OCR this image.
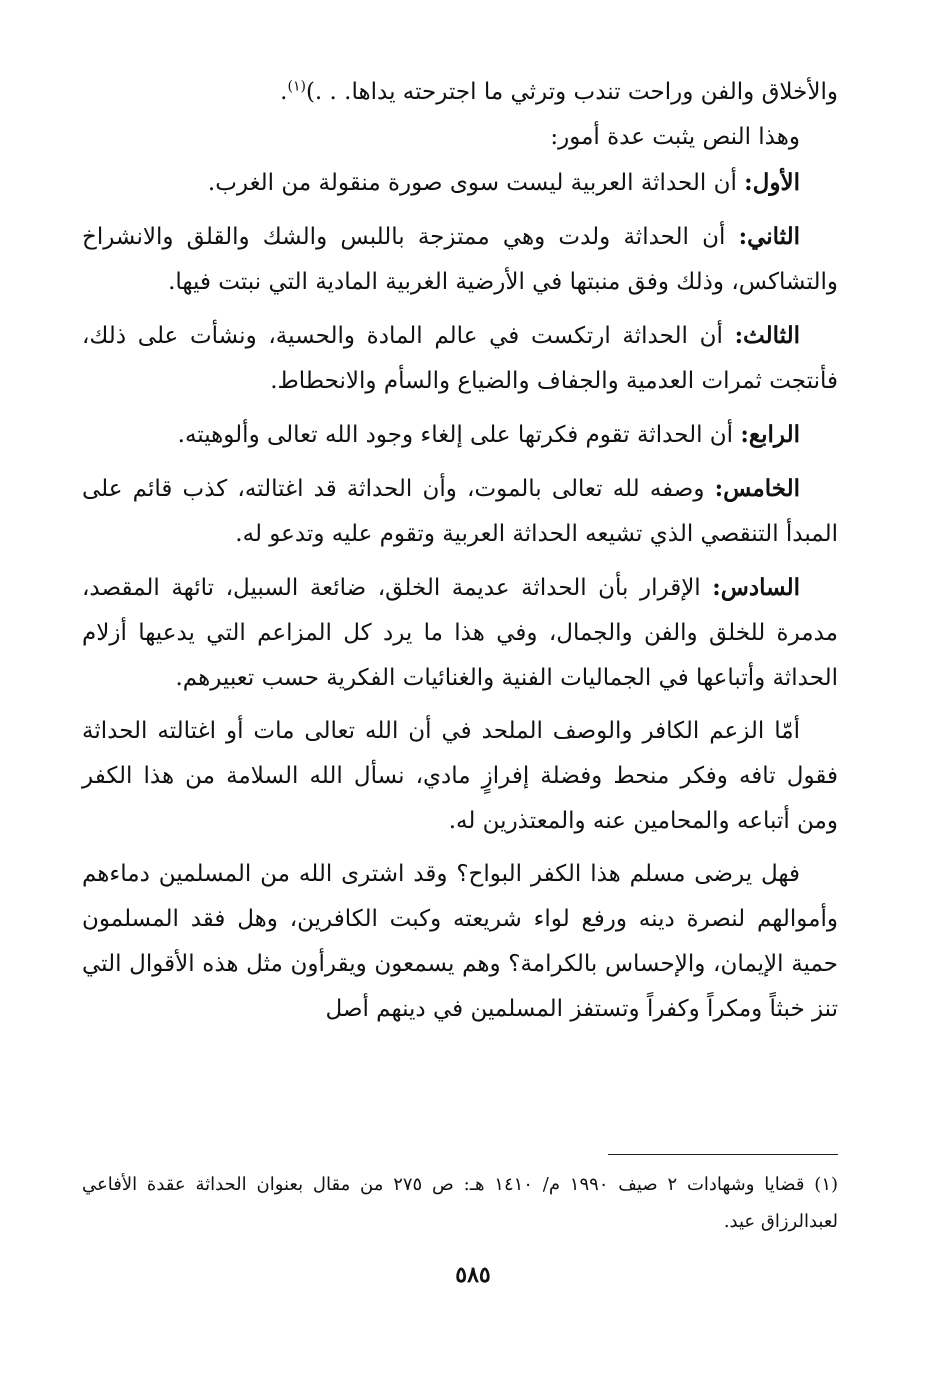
والأخلاق والفن وراحت تندب وترثي ما اجترحته يداها. . .)$^{(١)}$.

وهذا النص يثبت عدة أمور:

الأول: أن الحداثة العربية ليست سوى صورة منقولة من الغرب.

الثاني: أن الحداثة ولدت وهي ممتزجة باللبس والشك والقلق والانشراخ والتشاكس، وذلك وفق منبتها في الأرضية الغربية المادية التي نبتت فيها.

الثالث: أن الحداثة ارتكست في عالم المادة والحسية، ونشأت على ذلك، فأنتجت ثمرات العدمية والجفاف والضياع والسأم والانحطاط.

الرابع: أن الحداثة تقوم فكرتها على إلغاء وجود الله تعالى وألوهيته.

الخامس: وصفه لله تعالى بالموت، وأن الحداثة قد اغتالته، كذب قائم على المبدأ التنقصي الذي تشيعه الحداثة العربية وتقوم عليه وتدعو له.

السادس: الإقرار بأن الحداثة عديمة الخلق، ضائعة السبيل، تائهة المقصد، مدمرة للخلق والفن والجمال، وفي هذا ما يرد كل المزاعم التي يدعيها أزلام الحداثة وأتباعها في الجماليات الفنية والغنائيات الفكرية حسب تعبيرهم.

أمّا الزعم الكافر والوصف الملحد في أن الله تعالى مات أو اغتالته الحداثة فقول تافه وفكر منحط وفضلة إفرازٍ مادي، نسأل الله السلامة من هذا الكفر ومن أتباعه والمحامين عنه والمعتذرين له.

فهل يرضى مسلم هذا الكفر البواح؟ وقد اشترى الله من المسلمين دماءهم وأموالهم لنصرة دينه ورفع لواء شريعته وكبت الكافرين، وهل فقد المسلمون حمية الإيمان، والإحساس بالكرامة؟ وهم يسمعون ويقرأون مثل هذه الأقوال التي تنز خبثاً ومكراً وكفراً وتستفز المسلمين في دينهم أصل

(١) قضايا وشهادات ٢ صيف ١٩٩٠ م/ ١٤١٠ هـ: ص ٢٧٥ من مقال بعنوان الحداثة عقدة الأفاعي لعبدالرزاق عيد.

٥٨٥
